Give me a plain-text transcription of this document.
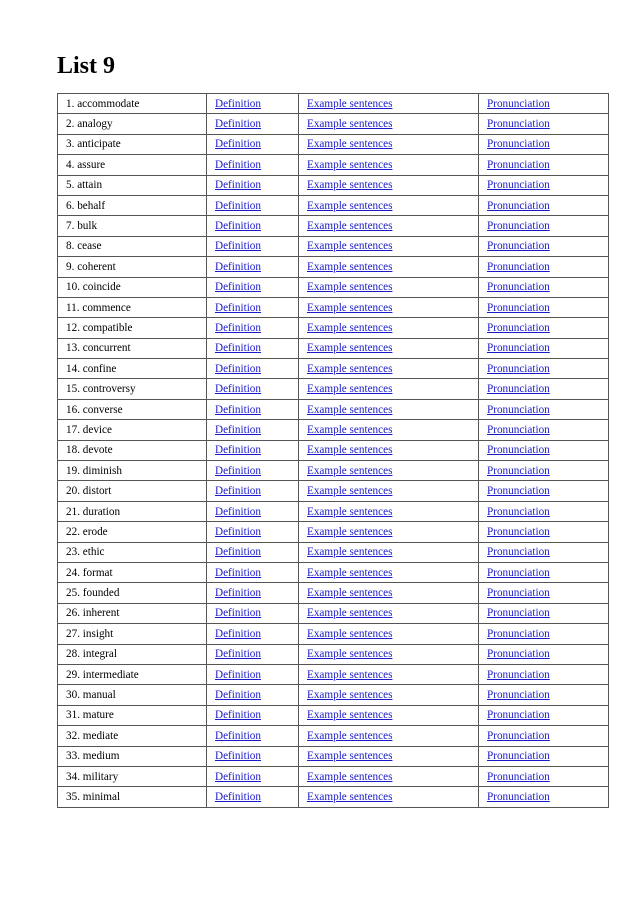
List 9
1. accommodate	Definition	Example sentences	Pronunciation
2. analogy	Definition	Example sentences	Pronunciation
3. anticipate	Definition	Example sentences	Pronunciation
4. assure	Definition	Example sentences	Pronunciation
5. attain	Definition	Example sentences	Pronunciation
6. behalf	Definition	Example sentences	Pronunciation
7. bulk	Definition	Example sentences	Pronunciation
8. cease	Definition	Example sentences	Pronunciation
9. coherent	Definition	Example sentences	Pronunciation
10. coincide	Definition	Example sentences	Pronunciation
11. commence	Definition	Example sentences	Pronunciation
12. compatible	Definition	Example sentences	Pronunciation
13. concurrent	Definition	Example sentences	Pronunciation
14. confine	Definition	Example sentences	Pronunciation
15. controversy	Definition	Example sentences	Pronunciation
16. converse	Definition	Example sentences	Pronunciation
17. device	Definition	Example sentences	Pronunciation
18. devote	Definition	Example sentences	Pronunciation
19. diminish	Definition	Example sentences	Pronunciation
20. distort	Definition	Example sentences	Pronunciation
21. duration	Definition	Example sentences	Pronunciation
22. erode	Definition	Example sentences	Pronunciation
23. ethic	Definition	Example sentences	Pronunciation
24. format	Definition	Example sentences	Pronunciation
25. founded	Definition	Example sentences	Pronunciation
26. inherent	Definition	Example sentences	Pronunciation
27. insight	Definition	Example sentences	Pronunciation
28. integral	Definition	Example sentences	Pronunciation
29. intermediate	Definition	Example sentences	Pronunciation
30. manual	Definition	Example sentences	Pronunciation
31. mature	Definition	Example sentences	Pronunciation
32. mediate	Definition	Example sentences	Pronunciation
33. medium	Definition	Example sentences	Pronunciation
34. military	Definition	Example sentences	Pronunciation
35. minimal	Definition	Example sentences	Pronunciation
